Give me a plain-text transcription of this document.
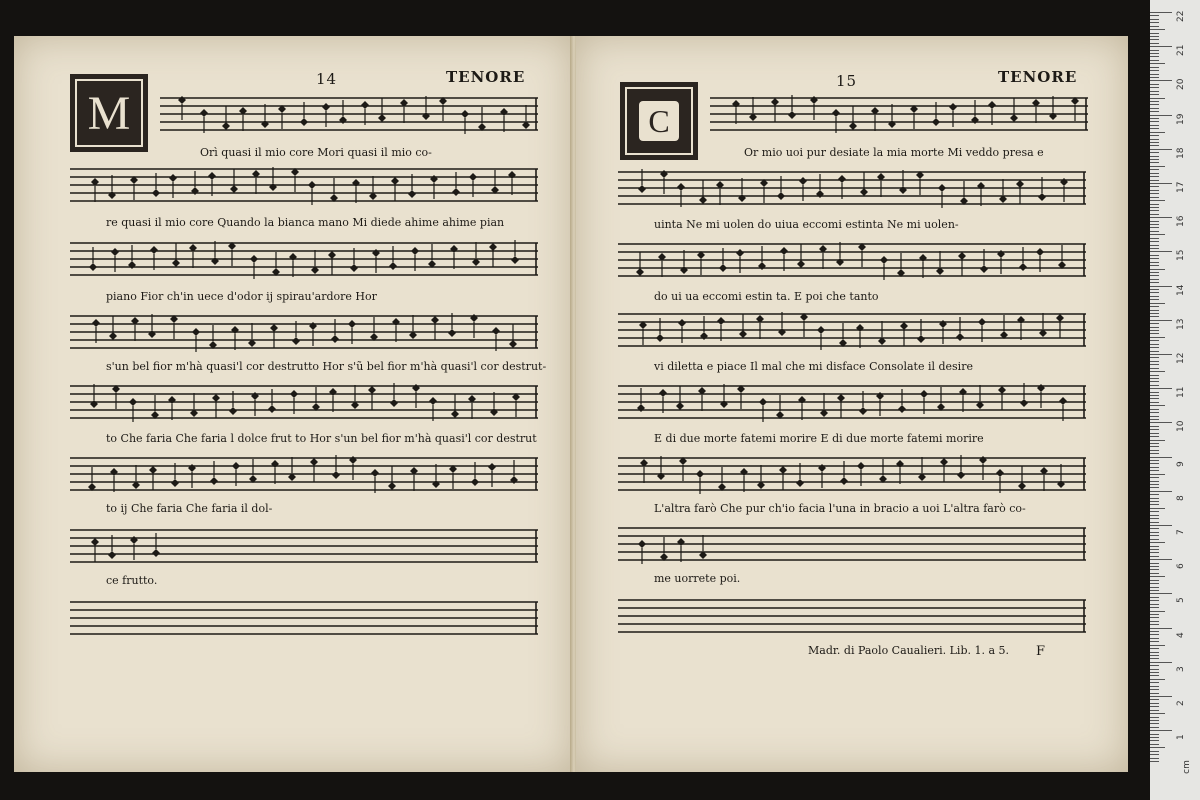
14	TENORE
M
15	TENORE
C
Orì quasi il mio core Mori quasi il mio co-
re quasi il mio core Quando la bianca mano Mi diede ahime ahime pian
piano Fior ch'in uece d'odor ij spirau'ardore Hor
s'un bel fior m'hà quasi'l cor destrutto Hor s'ũ bel fior m'hà quasi'l cor destrut-
to Che faria Che faria l dolce frut to Hor s'un bel fior m'hà quasi'l cor destrut
to ij Che faria Che faria il dol-
ce frutto.
Or mio uoi pur desiate la mia morte Mi veddo presa e
uinta Ne mi uolen do uiua eccomi estinta Ne mi uolen-
do ui ua eccomi estin ta. E poi che tanto
vi diletta e piace Il mal che mi disface Consolate il desire
E di due morte fatemi morire E di due morte fatemi morire
L'altra farò Che pur ch'io facia l'una in bracio a uoi L'altra farò co-
me uorrete poi.
Madr. di Paolo Caualieri. Lib. 1. a 5. F
22
21
20
19
18
17
16
15
14
13
12
11
10
9
8
7
6
5
4
3
2
1
cm
